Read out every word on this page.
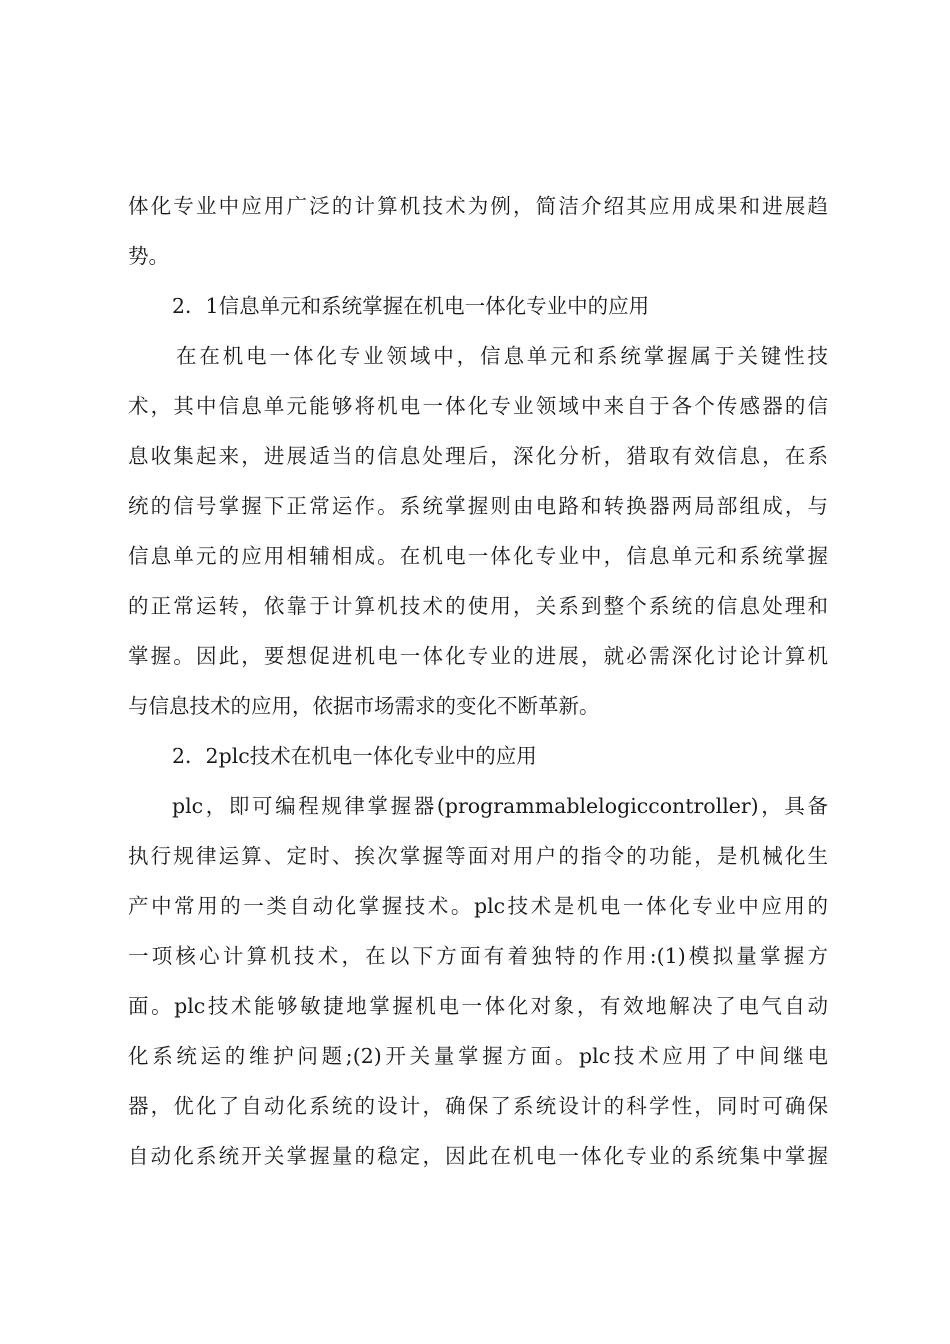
体化专业中应用广泛的计算机技术为例，简洁介绍其应用成果和进展趋
势。
2．1信息单元和系统掌握在机电一体化专业中的应用
在在机电一体化专业领域中，信息单元和系统掌握属于关键性技
术，其中信息单元能够将机电一体化专业领域中来自于各个传感器的信
息收集起来，进展适当的信息处理后，深化分析，猎取有效信息，在系
统的信号掌握下正常运作。系统掌握则由电路和转换器两局部组成，与
信息单元的应用相辅相成。在机电一体化专业中，信息单元和系统掌握
的正常运转，依靠于计算机技术的使用，关系到整个系统的信息处理和
掌握。因此，要想促进机电一体化专业的进展，就必需深化讨论计算机
与信息技术的应用，依据市场需求的变化不断革新。
2．2plc技术在机电一体化专业中的应用
plc，即可编程规律掌握器(programmablelogiccontroller)，具备
执行规律运算、定时、挨次掌握等面对用户的指令的功能，是机械化生
产中常用的一类自动化掌握技术。plc技术是机电一体化专业中应用的
一项核心计算机技术，在以下方面有着独特的作用:(1)模拟量掌握方
面。plc技术能够敏捷地掌握机电一体化对象，有效地解决了电气自动
化系统运的维护问题;(2)开关量掌握方面。plc技术应用了中间继电
器，优化了自动化系统的设计，确保了系统设计的科学性，同时可确保
自动化系统开关掌握量的稳定，因此在机电一体化专业的系统集中掌握
